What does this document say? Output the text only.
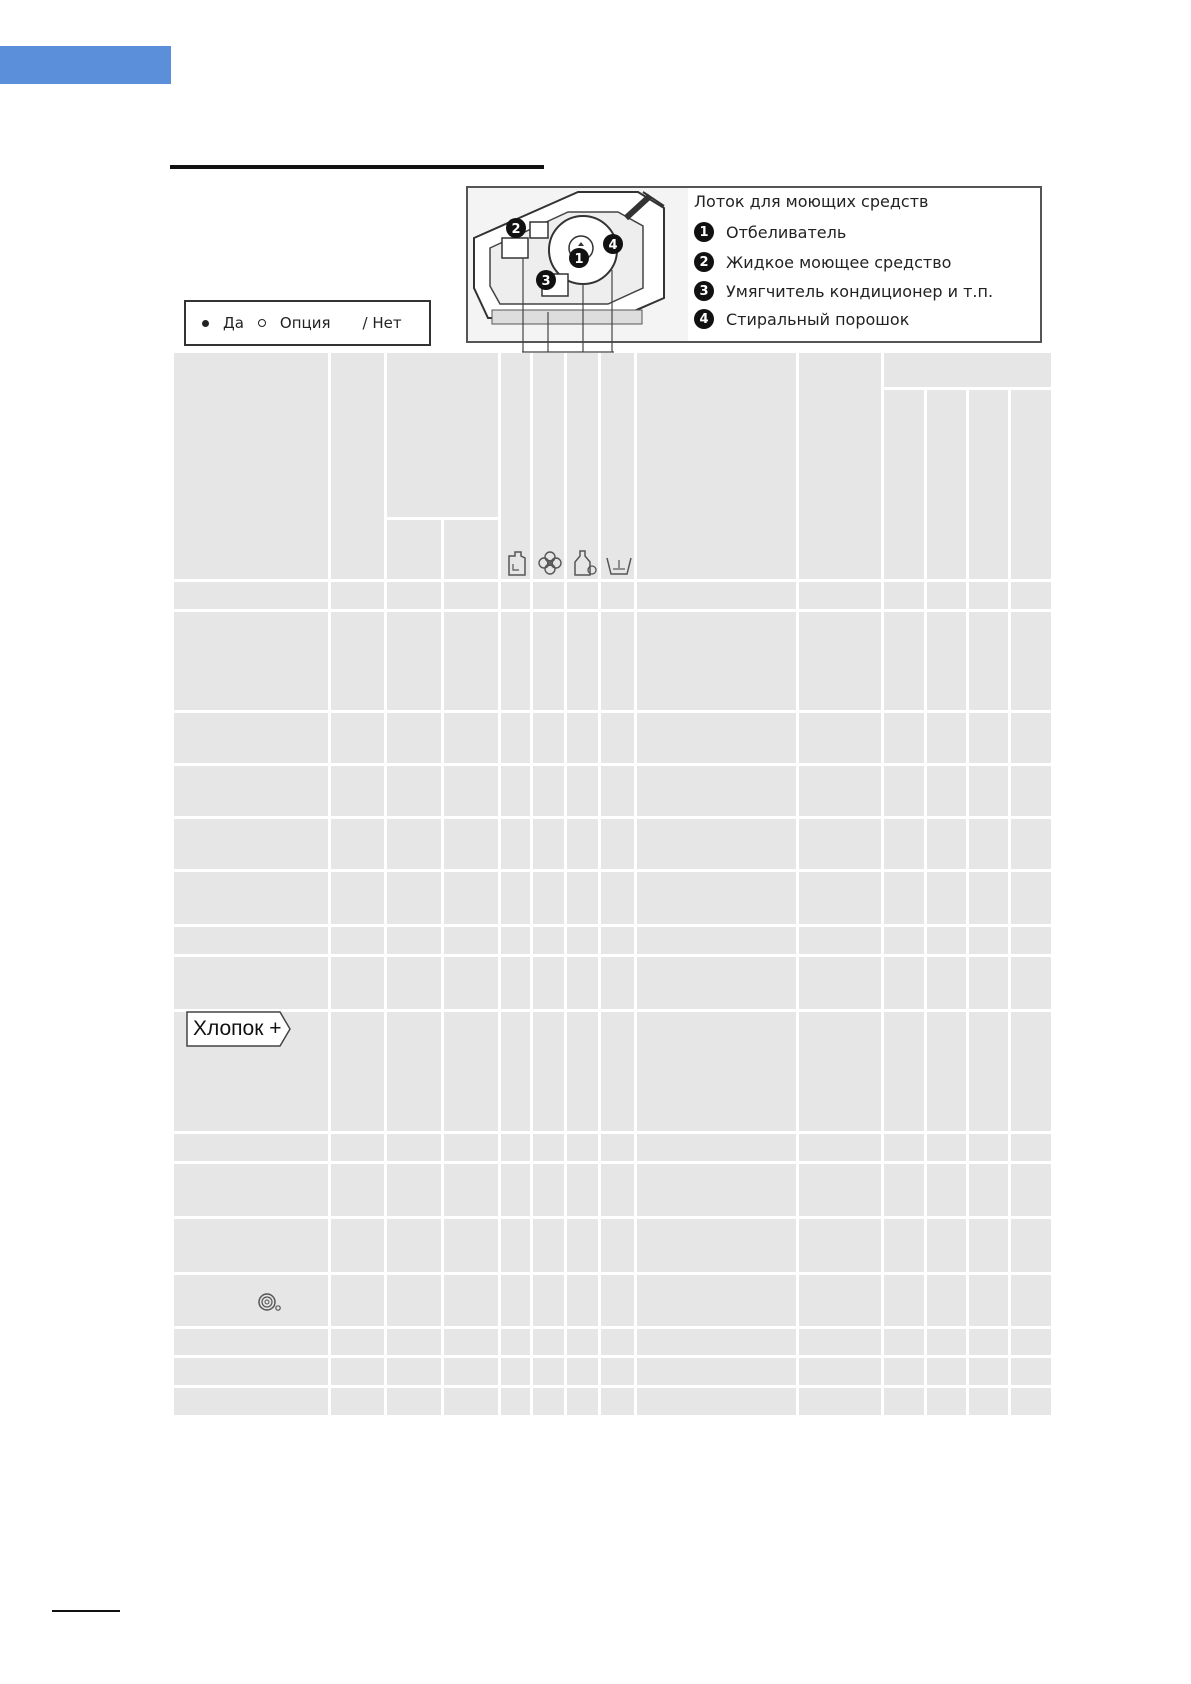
Да Опция / Нет
2
3
1
4
Лоток для моющих средств
1	Отбеливатель
2	Жидкое моющее средство
3	Умягчитель кондиционер и т.п.
4	Стиральный порошок
Хлопок +
